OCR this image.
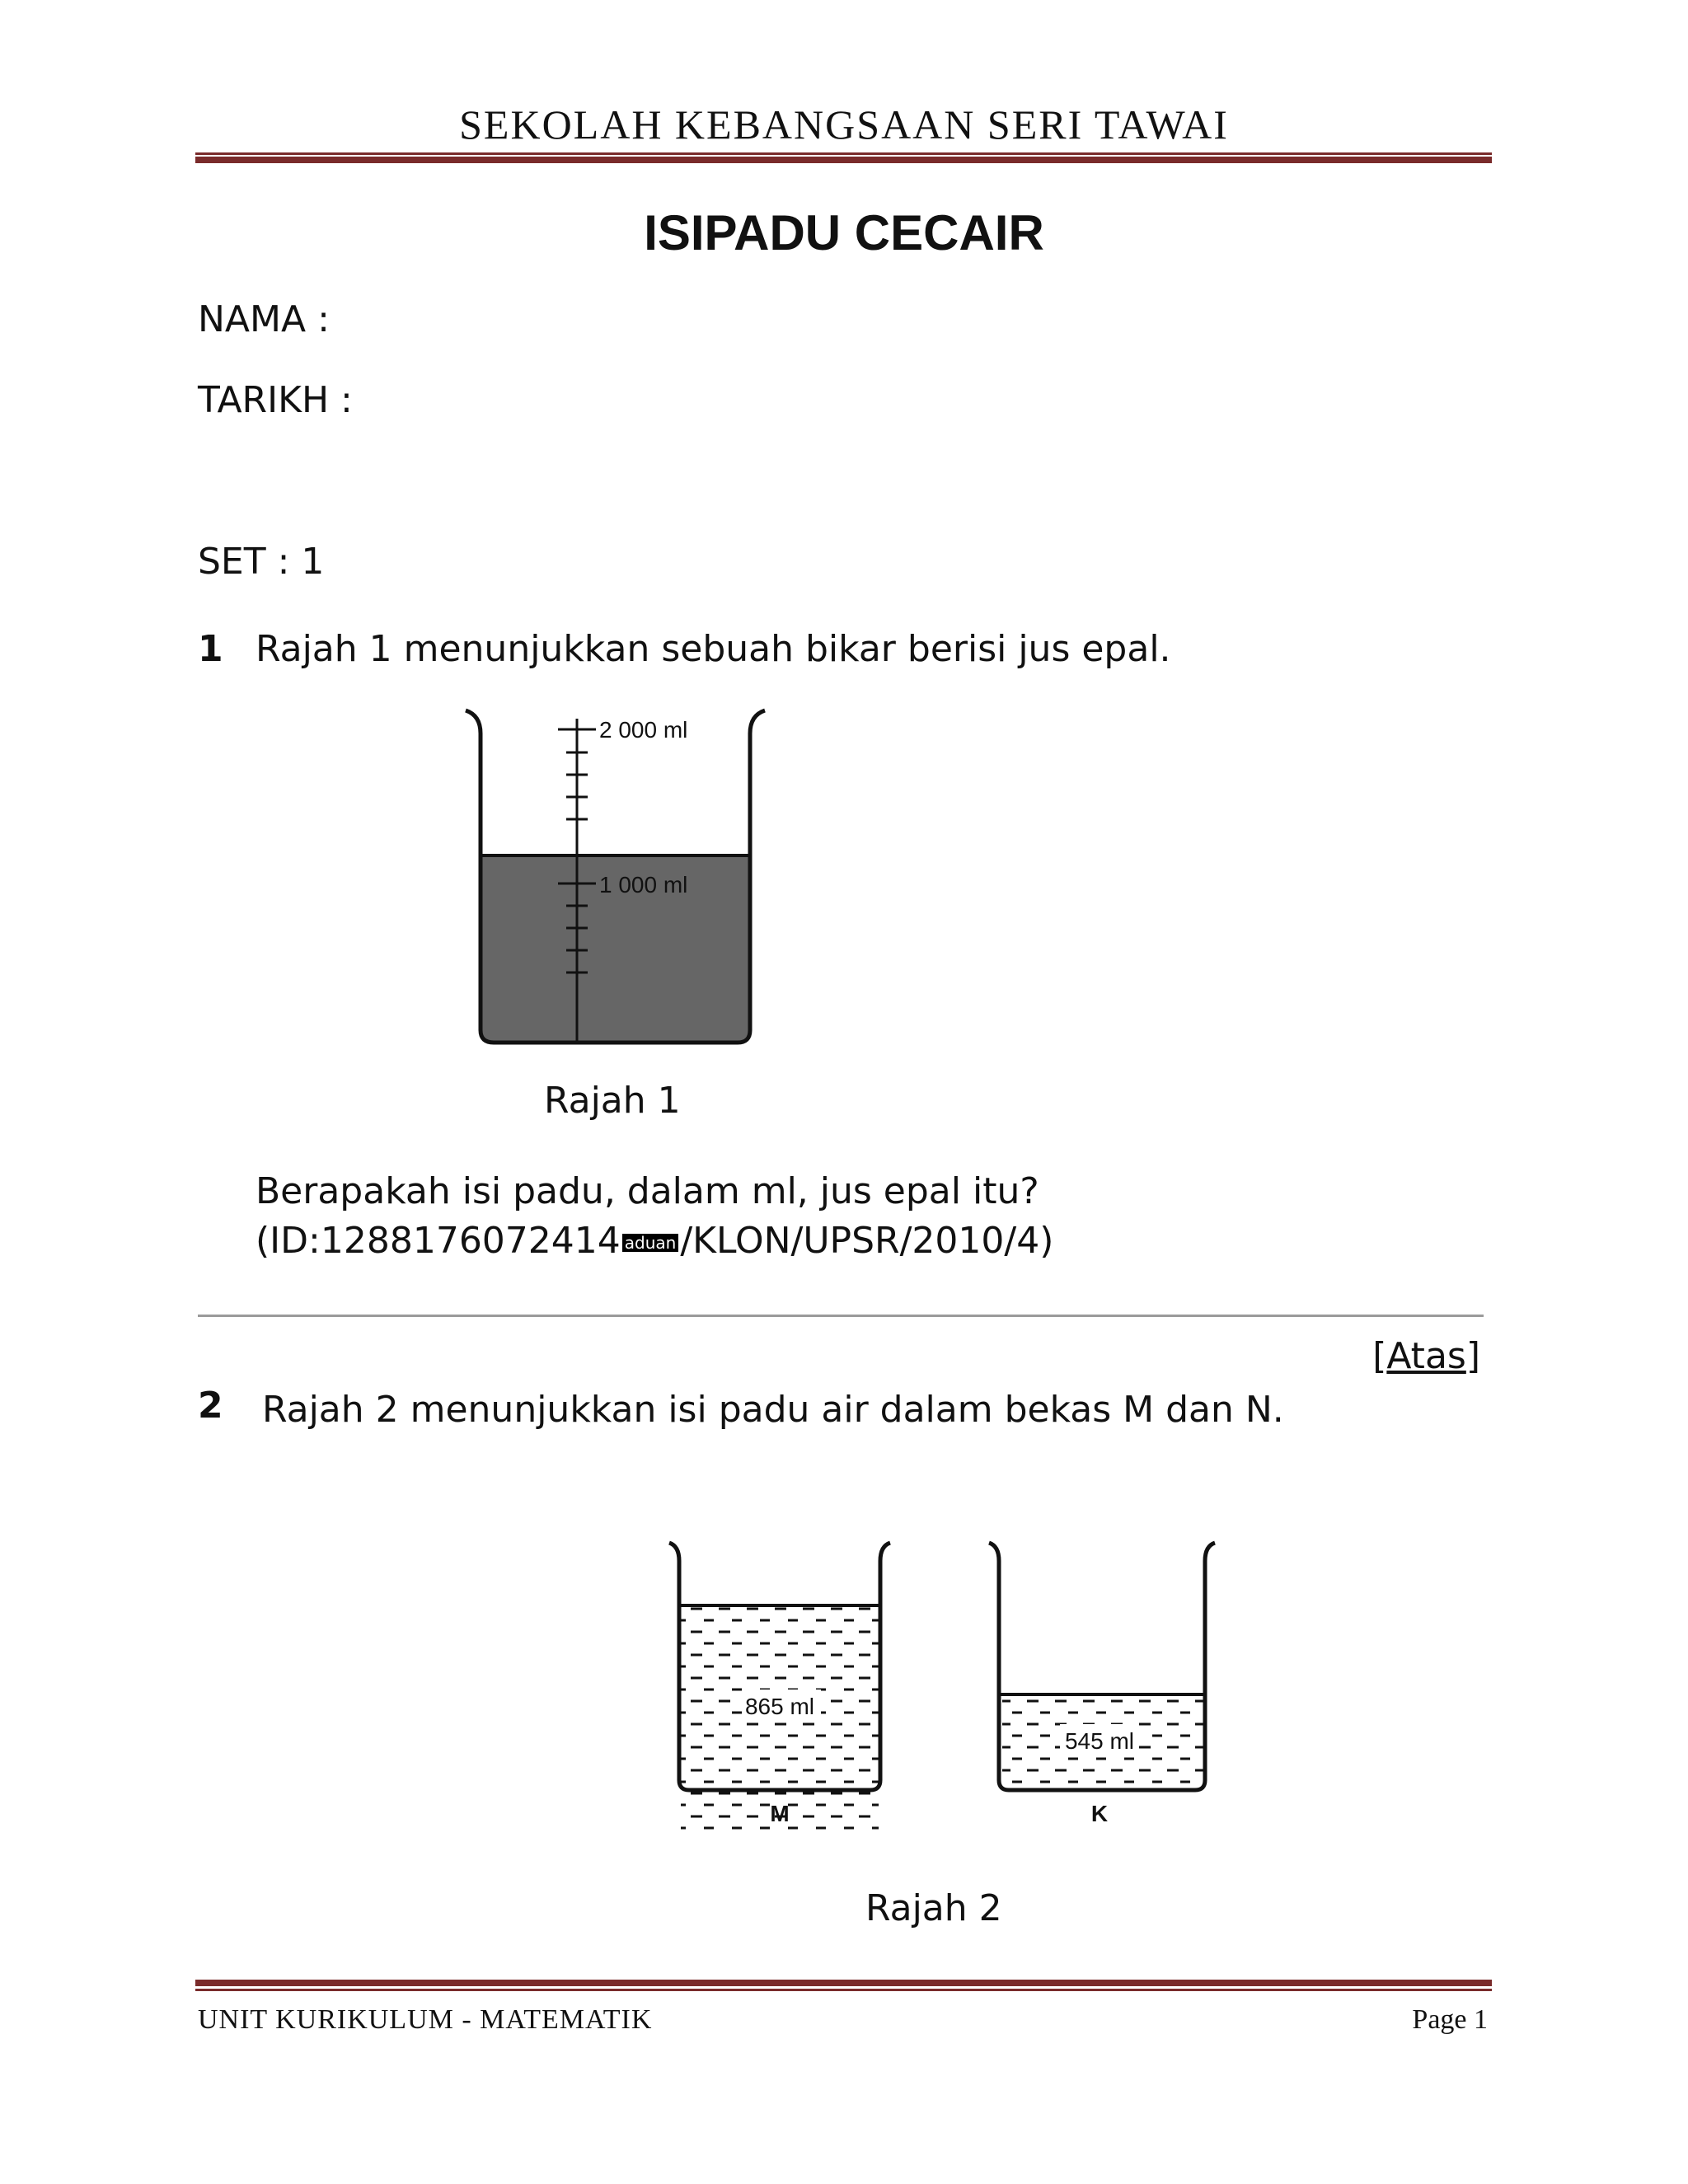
SEKOLAH KEBANGSAAN SERI TAWAI
ISIPADU CECAIR
NAMA :
TARIKH :
SET : 1
1 Rajah 1 menunjukkan sebuah bikar berisi jus epal.
2 000 ml
1 000 ml
Rajah 1
Berapakah isi padu, dalam ml, jus epal itu?
(ID:1288176072414 aduan /KLON/UPSR/2010/4)
[Atas]
2 Rajah 2 menunjukkan isi padu air dalam bekas M dan N.
865 ml
M
545 ml
K
Rajah 2
UNIT KURIKULUM - MATEMATIK	Page 1
